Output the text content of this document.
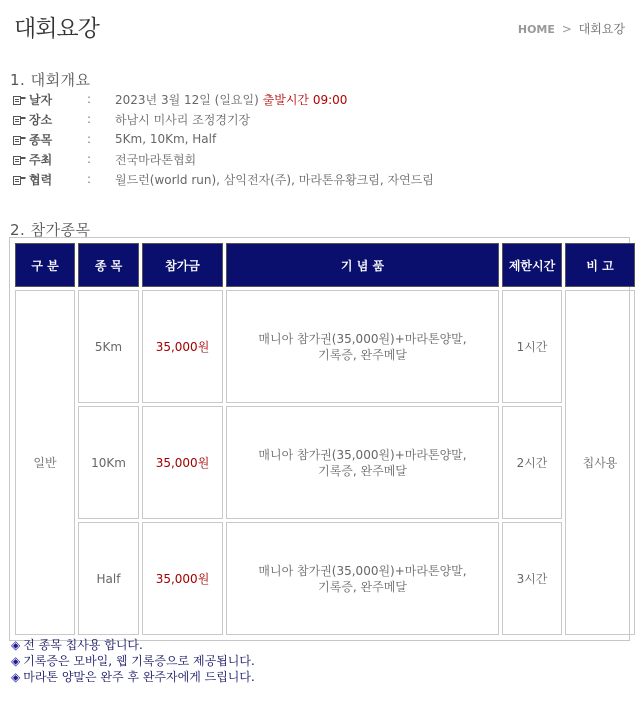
대회요강	HOME > 대회요강
1. 대회개요
날자	:	2023년 3월 12일 (일요일) 출발시간 09:00
장소	:	하남시 미사리 조정경기장
종목	:	5Km, 10Km, Half
주최	:	전국마라톤협회
협력	:	월드런(world run), 삼익전자(주), 마라톤유황크림, 자연드림
2. 참가종목
구 분	종 목	참가금	기 념 품	제한시간	비 고
일반	5Km	35,000원	매니아 참가권(35,000원)+마라톤양말,
기록증, 완주메달	1시간	칩사용
	10Km	35,000원	매니아 참가권(35,000원)+마라톤양말,
기록증, 완주메달	2시간	
	Half	35,000원	매니아 참가권(35,000원)+마라톤양말,
기록증, 완주메달	3시간	
◈ 전 종목 칩사용 합니다.
◈ 기록증은 모바일, 웹 기록증으로 제공됩니다.
◈ 마라톤 양말은 완주 후 완주자에게 드립니다.
